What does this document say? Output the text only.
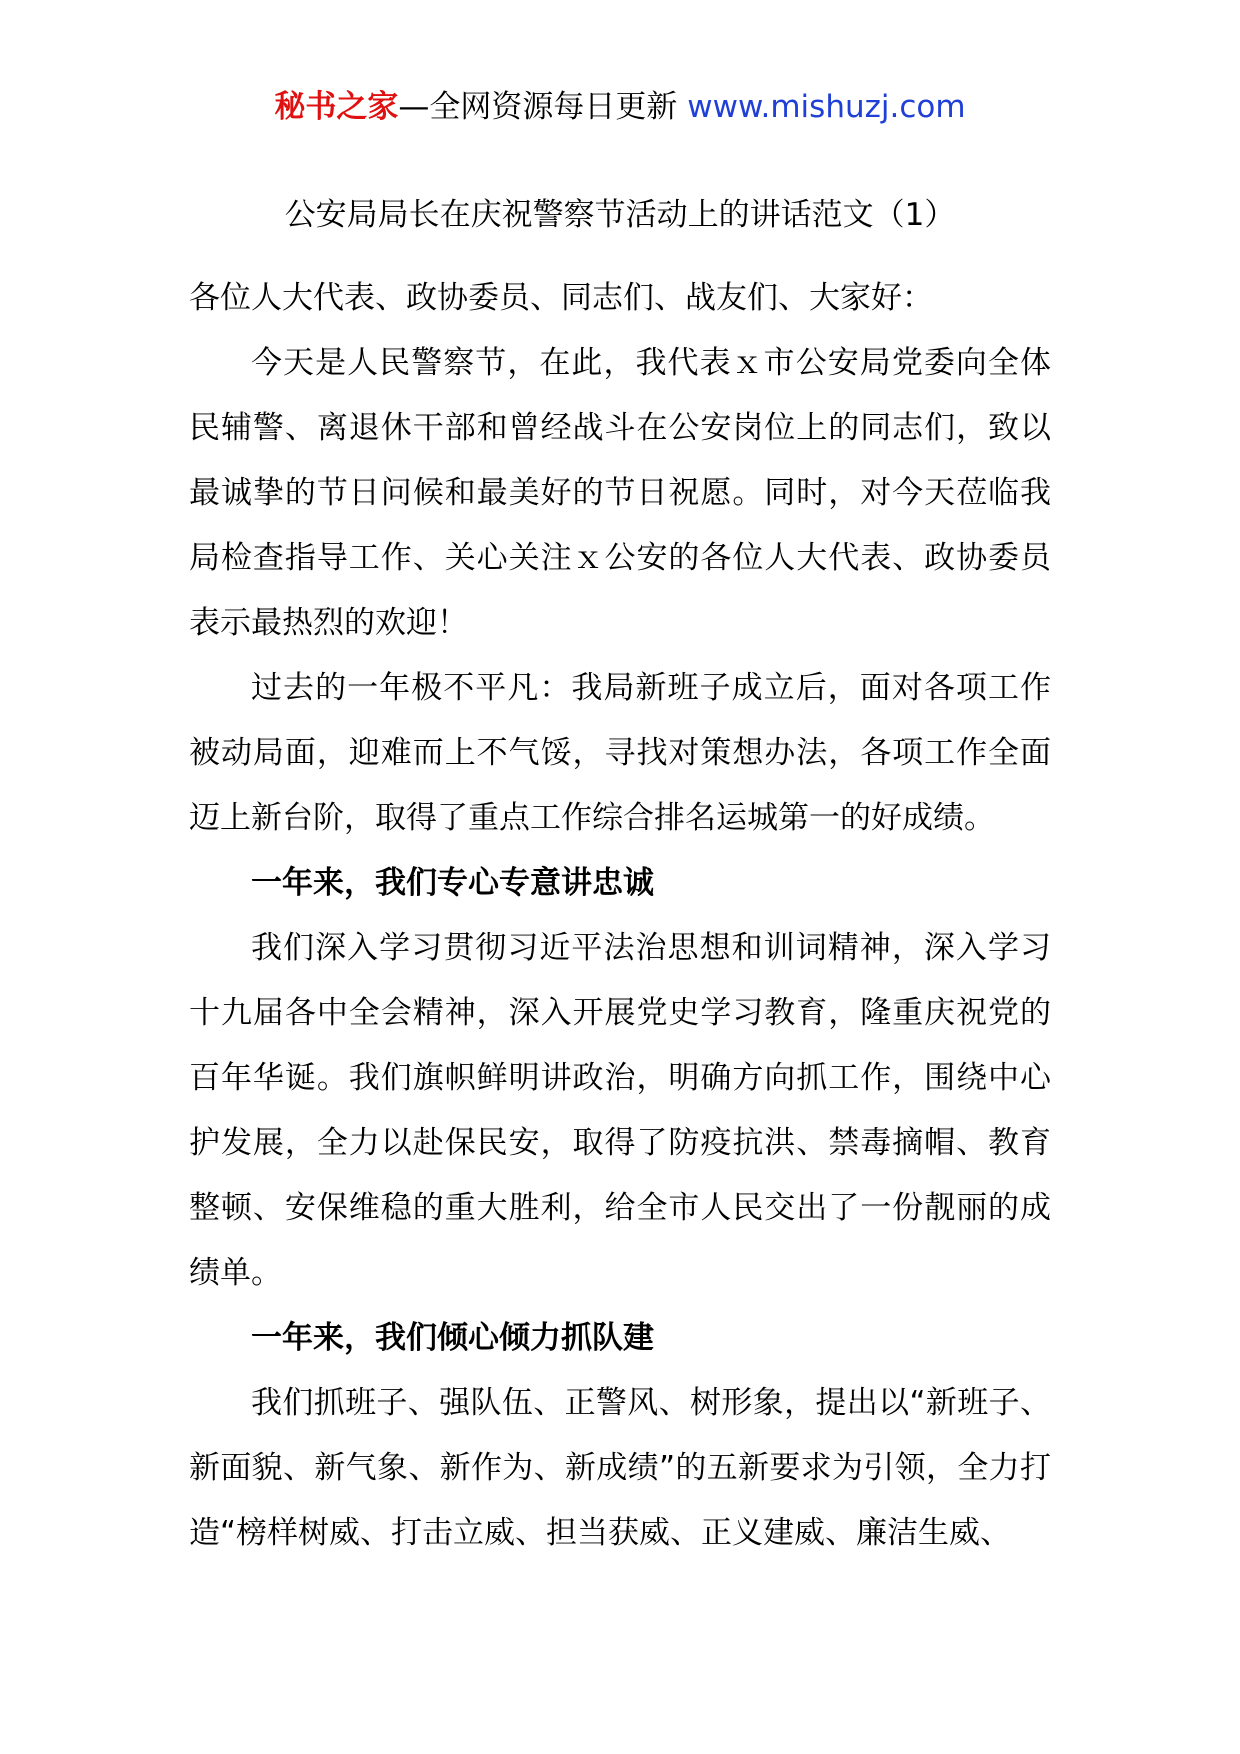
秘书之家—全网资源每日更新 www.mishuzj.com
公安局局长在庆祝警察节活动上的讲话范文（1）

各位人大代表、政协委员、同志们、战友们、大家好：

今天是人民警察节，在此，我代表ｘ市公安局党委向全体民辅警、离退休干部和曾经战斗在公安岗位上的同志们，致以最诚挚的节日问候和最美好的节日祝愿。同时，对今天莅临我局检查指导工作、关心关注ｘ公安的各位人大代表、政协委员表示最热烈的欢迎！

过去的一年极不平凡：我局新班子成立后，面对各项工作被动局面，迎难而上不气馁，寻找对策想办法，各项工作全面迈上新台阶，取得了重点工作综合排名运城第一的好成绩。

一年来，我们专心专意讲忠诚

我们深入学习贯彻习近平法治思想和训词精神，深入学习十九届各中全会精神，深入开展党史学习教育，隆重庆祝党的百年华诞。我们旗帜鲜明讲政治，明确方向抓工作，围绕中心护发展，全力以赴保民安，取得了防疫抗洪、禁毒摘帽、教育整顿、安保维稳的重大胜利，给全市人民交出了一份靓丽的成绩单。

一年来，我们倾心倾力抓队建

我们抓班子、强队伍、正警风、树形象，提出以“新班子、新面貌、新气象、新作为、新成绩”的五新要求为引领，全力打造“榜样树威、打击立威、担当获威、正义建威、廉洁生威、
